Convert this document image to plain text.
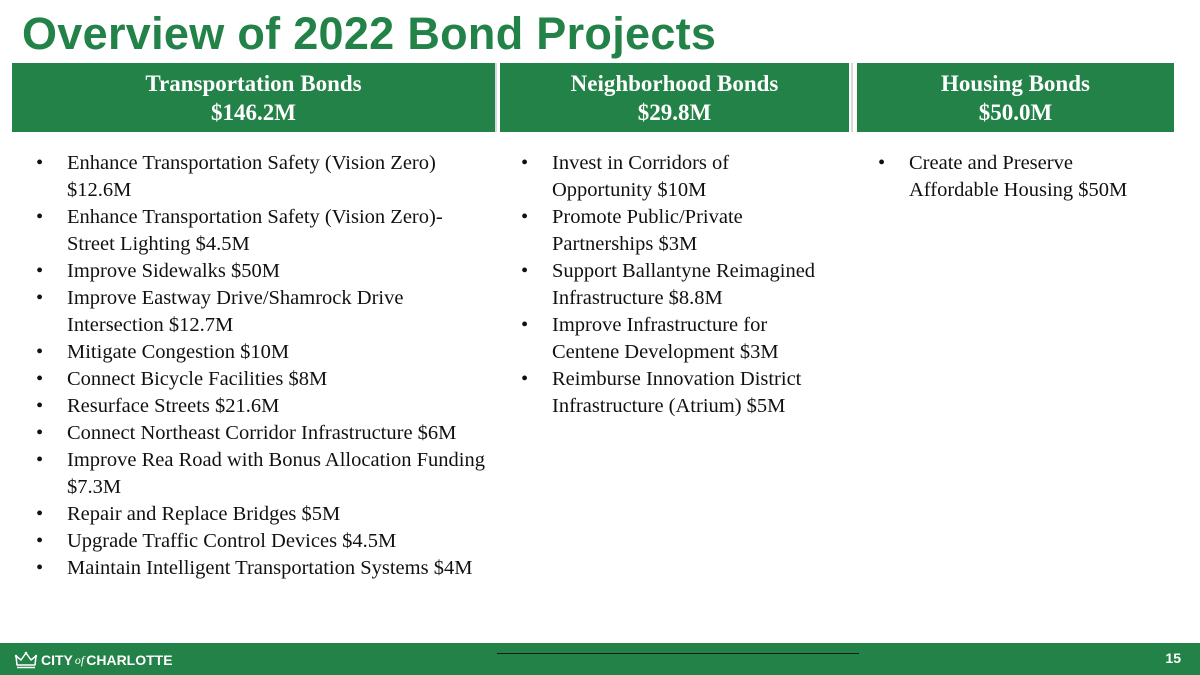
Overview of 2022 Bond Projects
Transportation Bonds
$146.2M
Neighborhood Bonds
$29.8M
Housing Bonds
$50.0M
• Enhance Transportation Safety (Vision Zero) $12.6M
• Enhance Transportation Safety (Vision Zero)- Street Lighting $4.5M
• Improve Sidewalks $50M
• Improve Eastway Drive/Shamrock Drive Intersection $12.7M
• Mitigate Congestion $10M
• Connect Bicycle Facilities $8M
• Resurface Streets $21.6M
• Connect Northeast Corridor Infrastructure $6M
• Improve Rea Road with Bonus Allocation Funding $7.3M
• Repair and Replace Bridges $5M
• Upgrade Traffic Control Devices $4.5M
• Maintain Intelligent Transportation Systems $4M
• Invest in Corridors of Opportunity $10M
• Promote Public/Private Partnerships $3M
• Support Ballantyne Reimagined Infrastructure $8.8M
• Improve Infrastructure for Centene Development $3M
• Reimburse Innovation District  Infrastructure (Atrium) $5M
• Create and Preserve Affordable Housing $50M
CITY of CHARLOTTE	15
